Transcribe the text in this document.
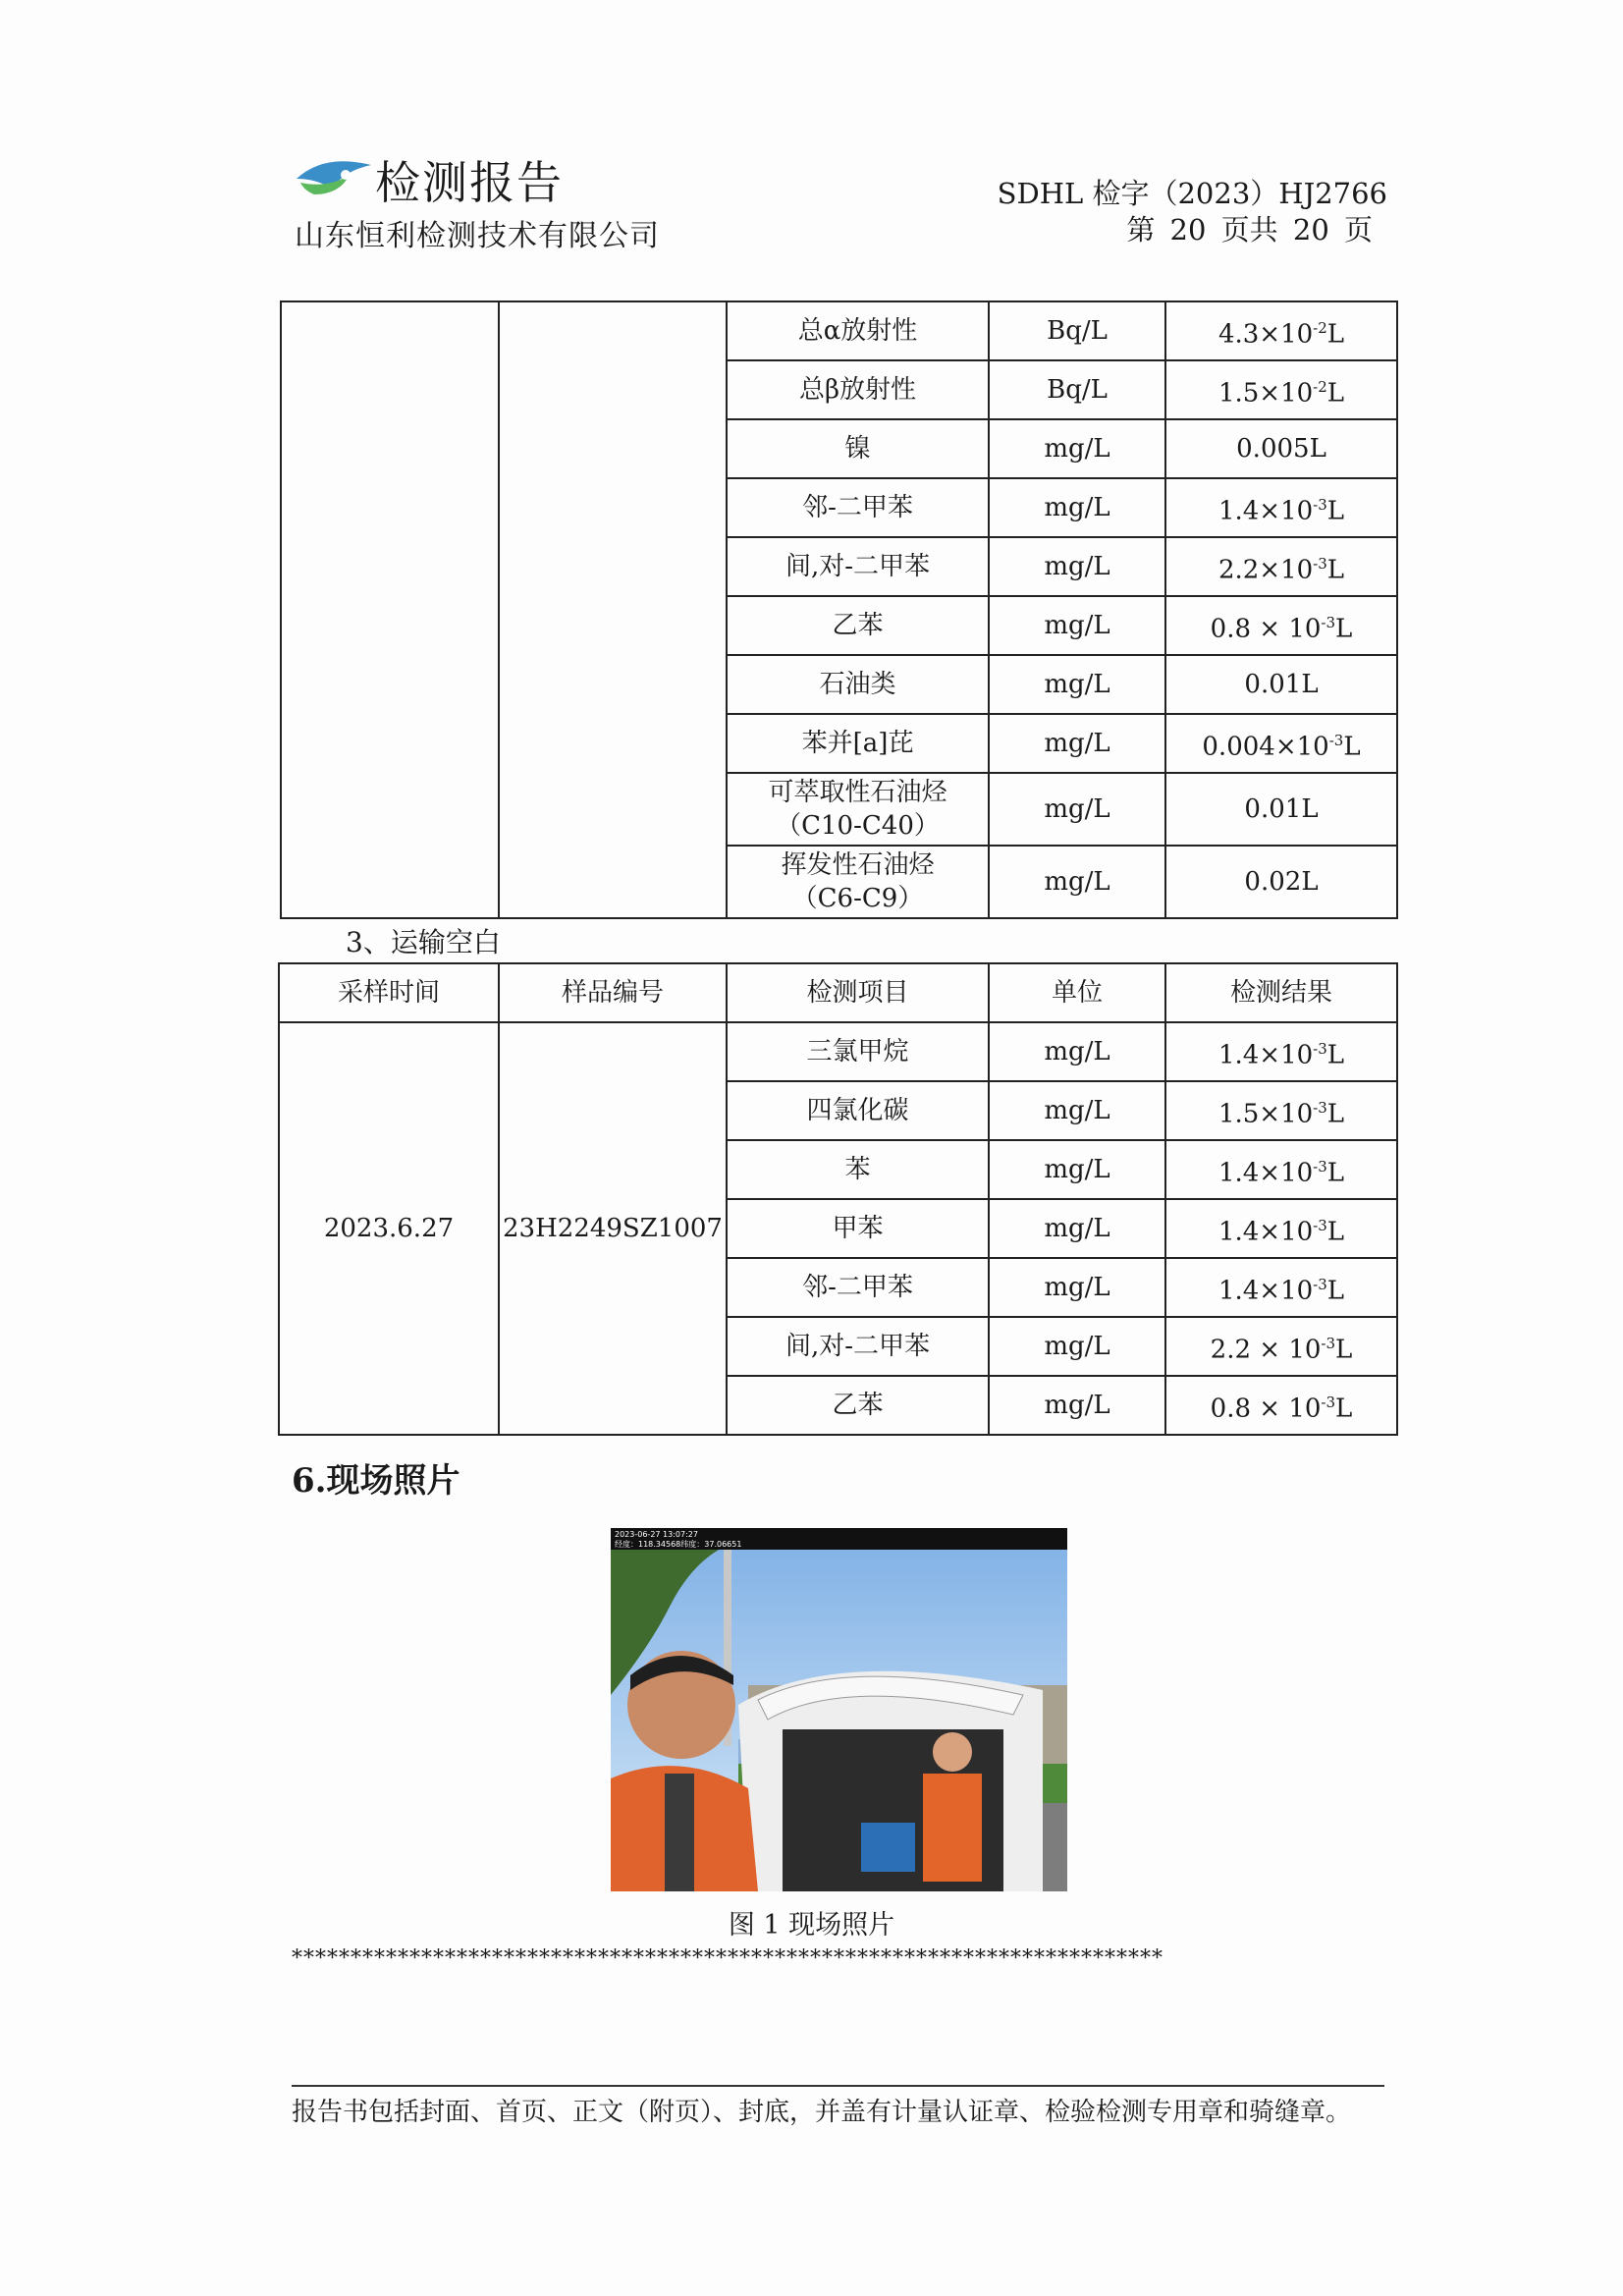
检测报告
山东恒利检测技术有限公司
SDHL 检字（2023）HJ2766
第 20 页共 20 页
		总α放射性	Bq/L	$4.3\times 10^{-2}L$
		总β放射性	Bq/L	$1.5\times 10^{-2}L$
		镍	mg/L	0.005L
		邻-二甲苯	mg/L	$1.4\times 10^{-3}L$
		间,对-二甲苯	mg/L	$2.2\times 10^{-3}L$
		乙苯	mg/L	$0.8 \times 10^{-3}L$
		石油类	mg/L	0.01L
		苯并[a]芘	mg/L	$0.004\times 10^{-3}L$

		可萃取性石油烃
（C10-C40）	mg/L	0.01L

		挥发性石油烃
（C6-C9）	mg/L	0.02L
3、运输空白
采样时间	样品编号	检测项目	单位	检测结果
2023.6.27	23H2249SZ1007	三氯甲烷	mg/L	$1.4\times 10^{-3}L$
		四氯化碳	mg/L	$1.5\times 10^{-3}L$
		苯	mg/L	$1.4\times 10^{-3}L$
		甲苯	mg/L	$1.4\times 10^{-3}L$
		邻-二甲苯	mg/L	$1.4\times 10^{-3}L$
		间,对-二甲苯	mg/L	$2.2 \times 10^{-3}L$
		乙苯	mg/L	$0.8 \times 10^{-3}L$
6.现场照片
2023-06-27 13:07:27
经度：118.34568纬度：37.06651
图 1 现场照片
**************************************************************************
报告书包括封面、首页、正文（附页）、封底，并盖有计量认证章、检验检测专用章和骑缝章。
